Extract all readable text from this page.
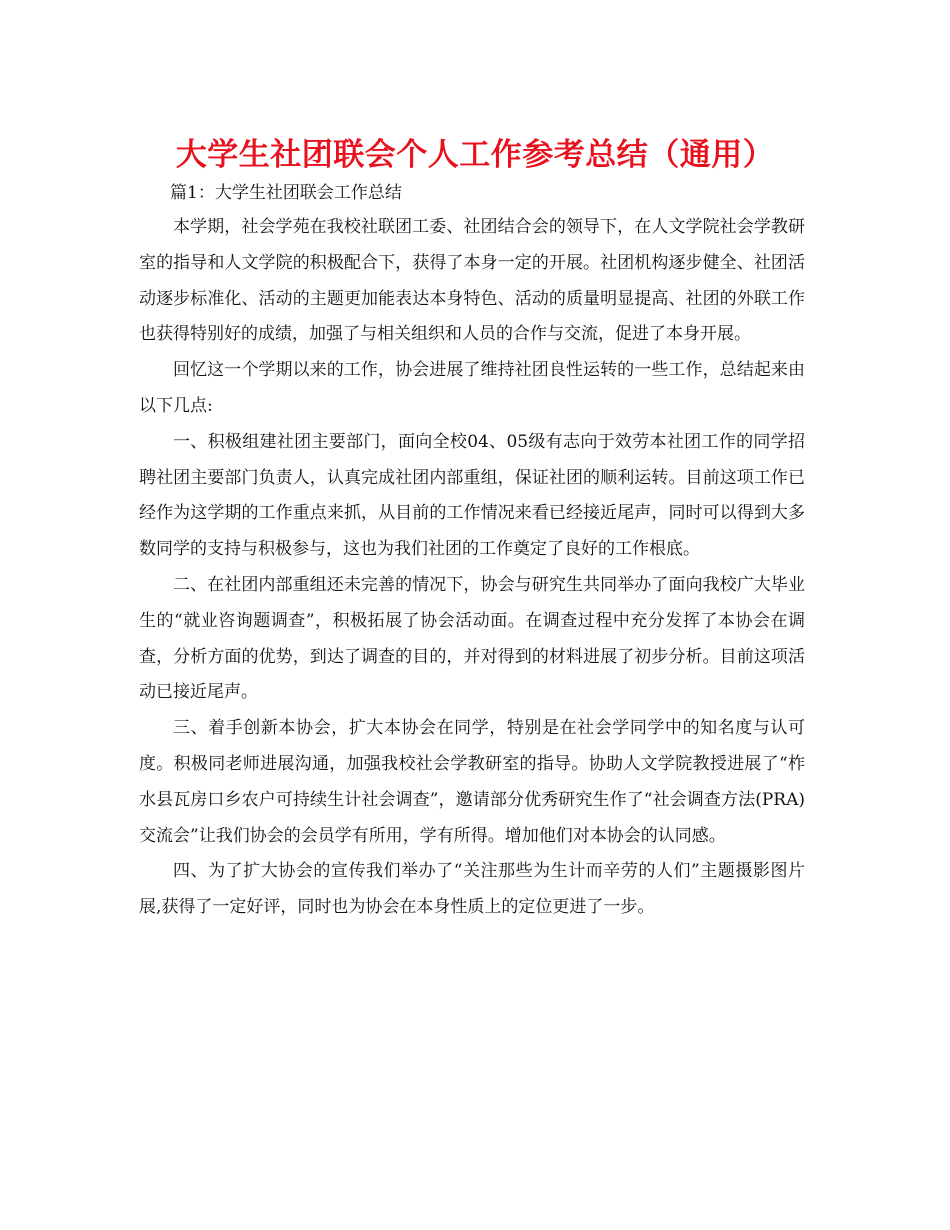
大学生社团联会个人工作参考总结（通用）
篇1：大学生社团联会工作总结

本学期，社会学苑在我校社联团工委、社团结合会的领导下，在人文学院社会学教研室的指导和人文学院的积极配合下，获得了本身一定的开展。社团机构逐步健全、社团活动逐步标准化、活动的主题更加能表达本身特色、活动的质量明显提高、社团的外联工作也获得特别好的成绩，加强了与相关组织和人员的合作与交流，促进了本身开展。

回忆这一个学期以来的工作，协会进展了维持社团良性运转的一些工作，总结起来由以下几点:

一、积极组建社团主要部门，面向全校04、05级有志向于效劳本社团工作的同学招聘社团主要部门负责人，认真完成社团内部重组，保证社团的顺利运转。目前这项工作已经作为这学期的工作重点来抓，从目前的工作情况来看已经接近尾声，同时可以得到大多数同学的支持与积极参与，这也为我们社团的工作奠定了良好的工作根底。

二、在社团内部重组还未完善的情况下，协会与研究生共同举办了面向我校广大毕业生的“就业咨询题调查”，积极拓展了协会活动面。在调查过程中充分发挥了本协会在调查，分析方面的优势，到达了调查的目的，并对得到的材料进展了初步分析。目前这项活动已接近尾声。

三、着手创新本协会，扩大本协会在同学，特别是在社会学同学中的知名度与认可度。积极同老师进展沟通，加强我校社会学教研室的指导。协助人文学院教授进展了“柞水县瓦房口乡农户可持续生计社会调查”，邀请部分优秀研究生作了“社会调查方法(PRA)交流会”让我们协会的会员学有所用，学有所得。增加他们对本协会的认同感。

四、为了扩大协会的宣传我们举办了“关注那些为生计而辛劳的人们”主题摄影图片展,获得了一定好评，同时也为协会在本身性质上的定位更进了一步。
